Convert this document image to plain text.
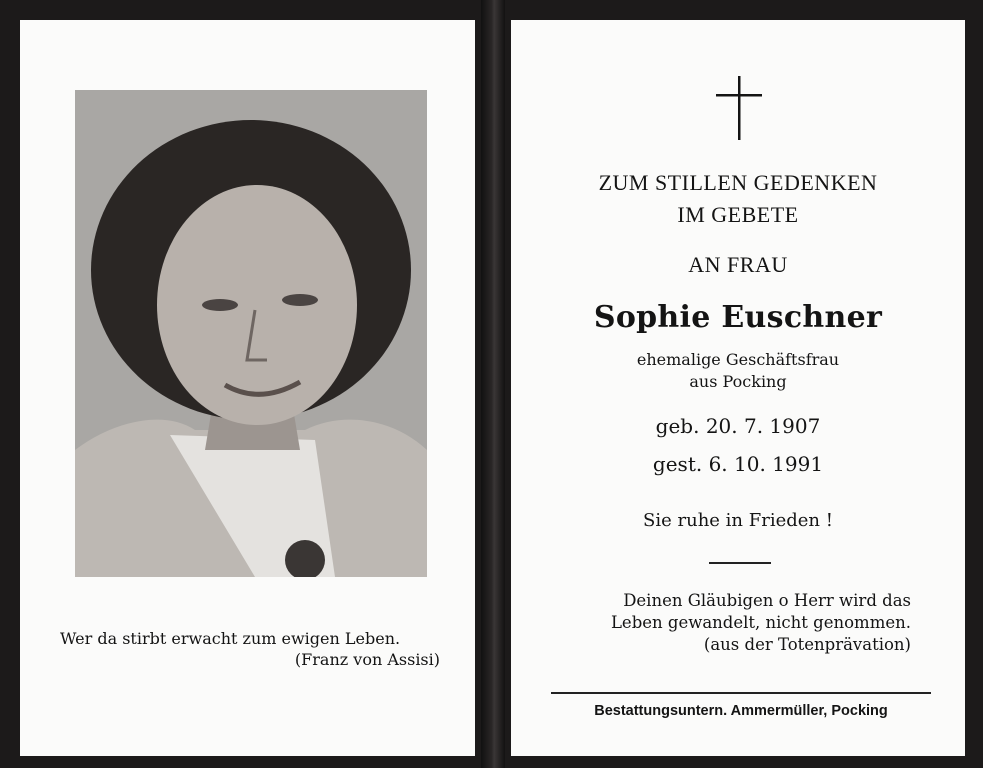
Wer da stirbt erwacht zum ewigen Leben.
(Franz von Assisi)
ZUM STILLEN GEDENKEN
IM GEBETE
AN FRAU
Sophie Euschner
ehemalige Geschäftsfrau
aus Pocking
geb. 20. 7. 1907
gest. 6. 10. 1991
Sie ruhe in Frieden !
Deinen Gläubigen o Herr wird das
Leben gewandelt, nicht genommen.
(aus der Totenprävation)
Bestattungsuntern. Ammermüller, Pocking
